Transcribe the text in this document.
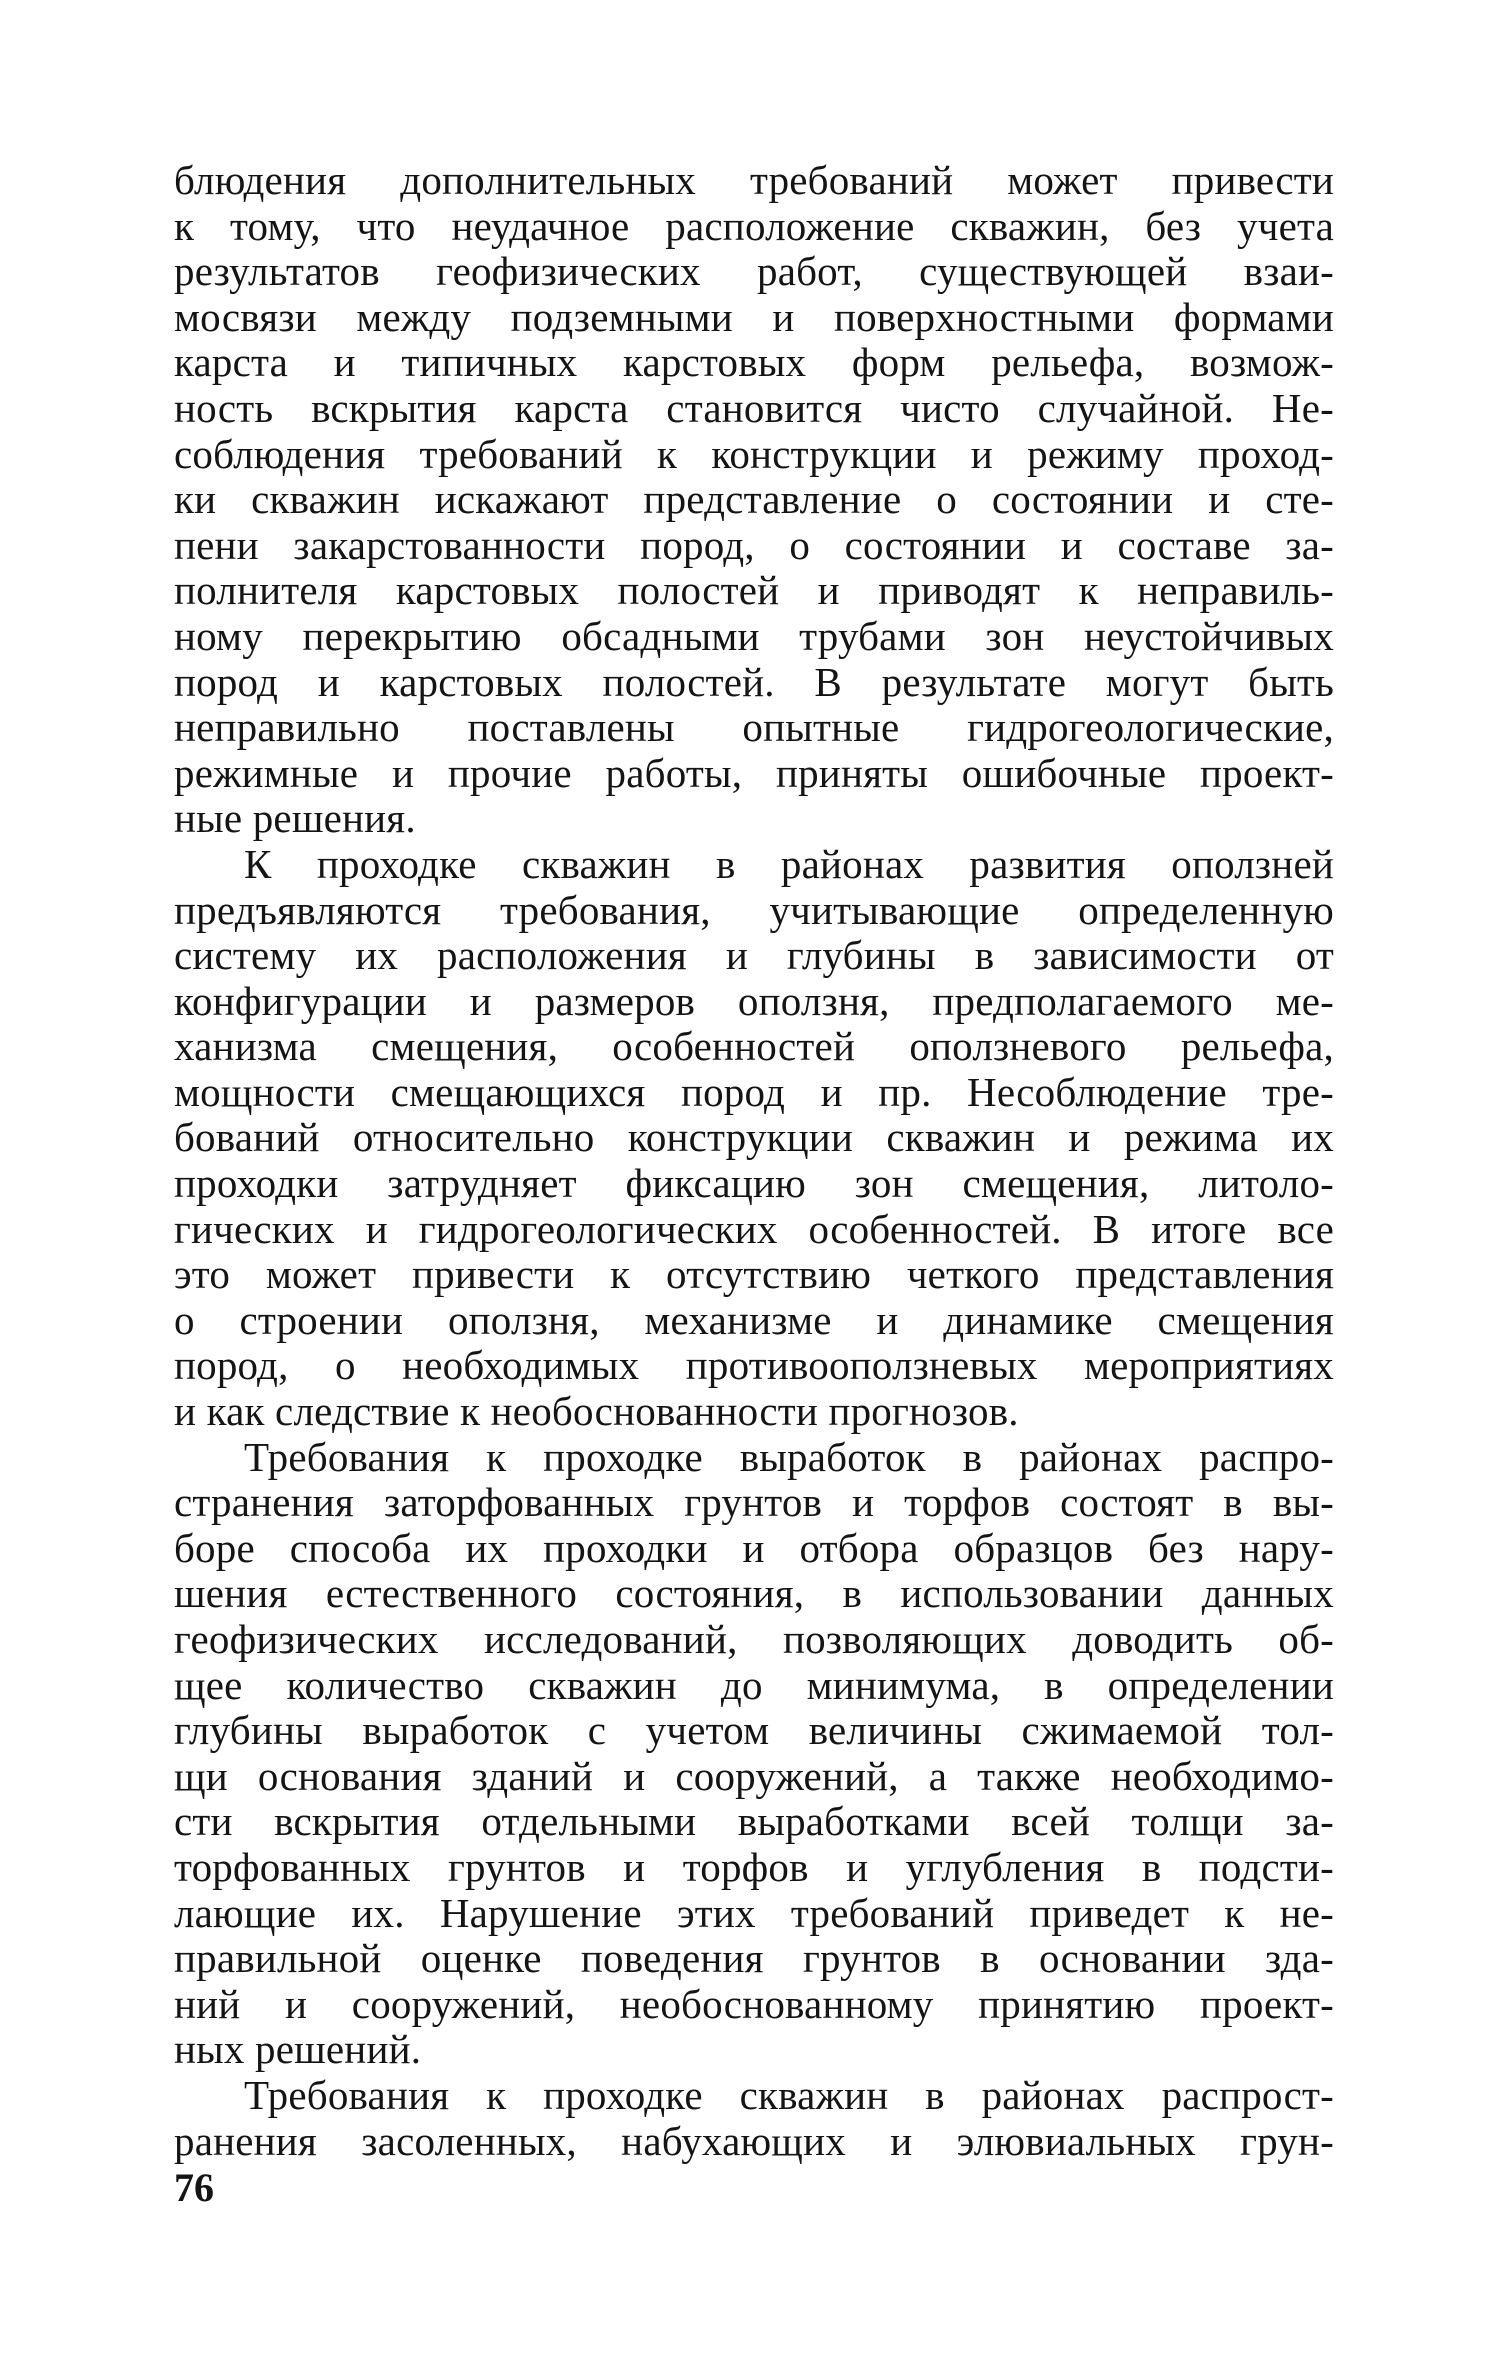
блюдения дополнительных требований может привести
к тому, что неудачное расположение скважин, без учета
результатов геофизических работ, существующей взаи-
мосвязи между подземными и поверхностными формами
карста и типичных карстовых форм рельефа, возмож-
ность вскрытия карста становится чисто случайной. Не-
соблюдения требований к конструкции и режиму проход-
ки скважин искажают представление о состоянии и сте-
пени закарстованности пород, о состоянии и составе за-
полнителя карстовых полостей и приводят к неправиль-
ному перекрытию обсадными трубами зон неустойчивых
пород и карстовых полостей. В результате могут быть
неправильно поставлены опытные гидрогеологические,
режимные и прочие работы, приняты ошибочные проект-
ные решения.
К проходке скважин в районах развития оползней
предъявляются требования, учитывающие определенную
систему их расположения и глубины в зависимости от
конфигурации и размеров оползня, предполагаемого ме-
ханизма смещения, особенностей оползневого рельефа,
мощности смещающихся пород и пр. Несоблюдение тре-
бований относительно конструкции скважин и режима их
проходки затрудняет фиксацию зон смещения, литоло-
гических и гидрогеологических особенностей. В итоге все
это может привести к отсутствию четкого представления
о строении оползня, механизме и динамике смещения
пород, о необходимых противооползневых мероприятиях
и как следствие к необоснованности прогнозов.
Требования к проходке выработок в районах распро-
странения заторфованных грунтов и торфов состоят в вы-
боре способа их проходки и отбора образцов без нару-
шения естественного состояния, в использовании данных
геофизических исследований, позволяющих доводить об-
щее количество скважин до минимума, в определении
глубины выработок с учетом величины сжимаемой тол-
щи основания зданий и сооружений, а также необходимо-
сти вскрытия отдельными выработками всей толщи за-
торфованных грунтов и торфов и углубления в подсти-
лающие их. Нарушение этих требований приведет к не-
правильной оценке поведения грунтов в основании зда-
ний и сооружений, необоснованному принятию проект-
ных решений.
Требования к проходке скважин в районах распрост-
ранения засоленных, набухающих и элювиальных грун-
76
